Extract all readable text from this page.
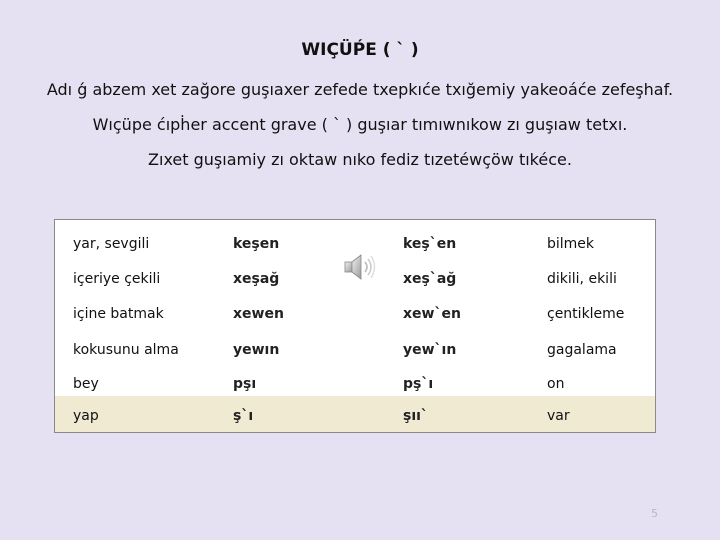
WIÇÜṔE ( ` )
Adı ǵ abzem xet zağore guşıaxer zefede txepkıće txığemiy yakeoáće zefeşhaf.
Wıçüpe ćıpḣer accent grave ( ` ) guşıar tımıwnıkow zı guşıaw tetxı.
Zıxet guşıamiy zı oktaw nıko fediz tızetéwçöw tıkéce.
yar, sevgili	keşen	keş`en	bilmek
içeriye çekili	xeşağ	xeş`ağ	dikili, ekili
içine batmak	xewen	xew`en	çentikleme
kokusunu alma	yewın	yew`ın	gagalama
bey	pşı	pş`ı	on
yap	ş`ı	şıı`	var
5
